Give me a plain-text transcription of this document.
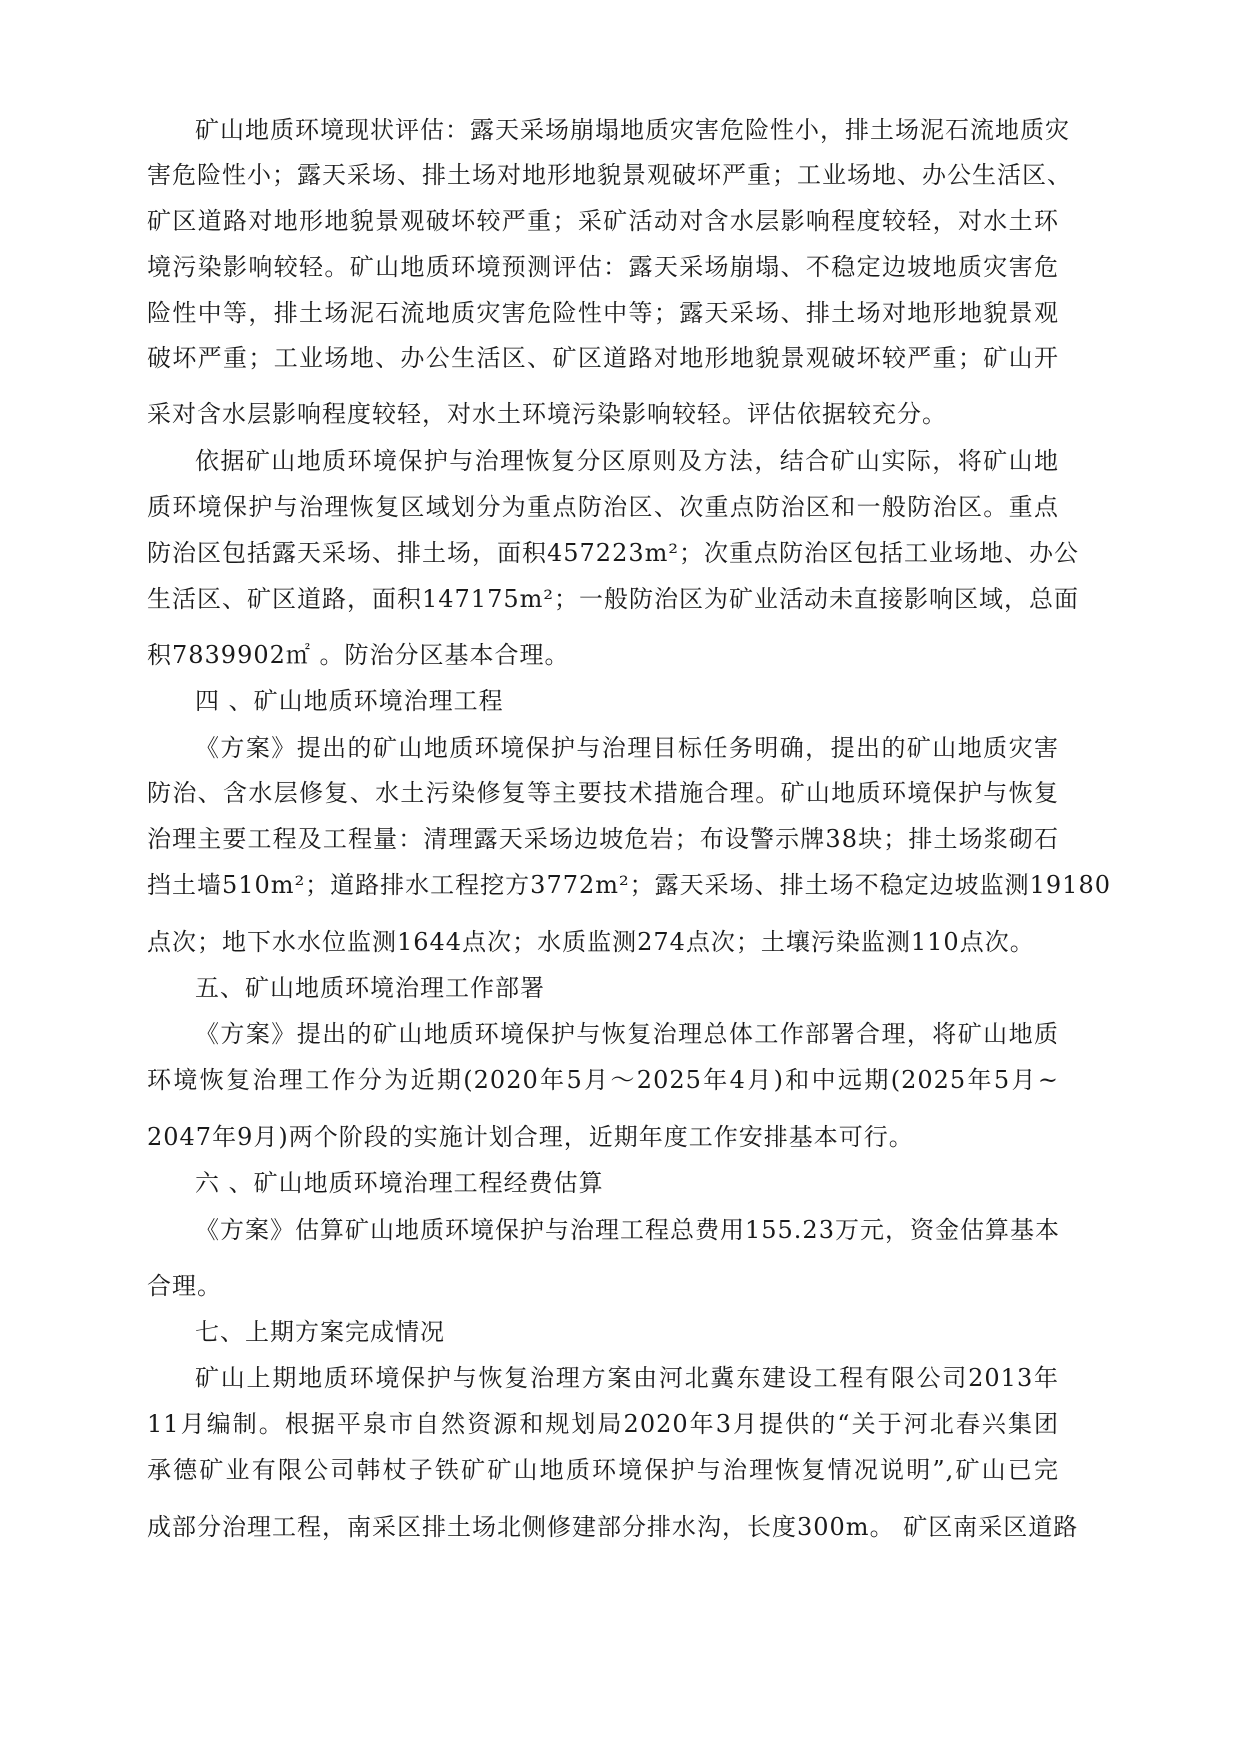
矿山地质环境现状评估：露天采场崩塌地质灾害危险性小，排土场泥石流地质灾
害危险性小；露天采场、排土场对地形地貌景观破坏严重；工业场地、办公生活区、
矿区道路对地形地貌景观破坏较严重；采矿活动对含水层影响程度较轻，对水土环
境污染影响较轻。矿山地质环境预测评估：露天采场崩塌、不稳定边坡地质灾害危
险性中等，排土场泥石流地质灾害危险性中等；露天采场、排土场对地形地貌景观
破坏严重；工业场地、办公生活区、矿区道路对地形地貌景观破坏较严重；矿山开
采对含水层影响程度较轻，对水土环境污染影响较轻。评估依据较充分。
依据矿山地质环境保护与治理恢复分区原则及方法，结合矿山实际，将矿山地
质环境保护与治理恢复区域划分为重点防治区、次重点防治区和一般防治区。重点
防治区包括露天采场、排土场，面积457223m²；次重点防治区包括工业场地、办公
生活区、矿区道路，面积147175m²；一般防治区为矿业活动未直接影响区域，总面
积7839902㎡ 。防治分区基本合理。
四 、矿山地质环境治理工程
《方案》提出的矿山地质环境保护与治理目标任务明确，提出的矿山地质灾害
防治、含水层修复、水土污染修复等主要技术措施合理。矿山地质环境保护与恢复
治理主要工程及工程量：清理露天采场边坡危岩；布设警示牌38块；排土场浆砌石
挡土墙510m²；道路排水工程挖方3772m²；露天采场、排土场不稳定边坡监测19180
点次；地下水水位监测1644点次；水质监测274点次；土壤污染监测110点次。
五、矿山地质环境治理工作部署
《方案》提出的矿山地质环境保护与恢复治理总体工作部署合理，将矿山地质
环境恢复治理工作分为近期(2020年5月～2025年4月)和中远期(2025年5月~
2047年9月)两个阶段的实施计划合理，近期年度工作安排基本可行。
六 、矿山地质环境治理工程经费估算
《方案》估算矿山地质环境保护与治理工程总费用155.23万元，资金估算基本
合理。
七、上期方案完成情况
矿山上期地质环境保护与恢复治理方案由河北冀东建设工程有限公司2013年
11月编制。根据平泉市自然资源和规划局2020年3月提供的“关于河北春兴集团
承德矿业有限公司韩杖子铁矿矿山地质环境保护与治理恢复情况说明”,矿山已完
成部分治理工程，南采区排土场北侧修建部分排水沟，长度300m。 矿区南采区道路
